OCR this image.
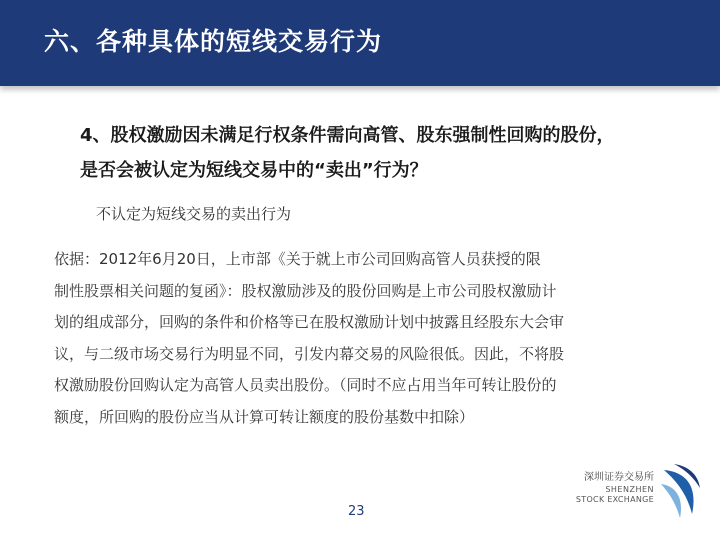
六、各种具体的短线交易行为
4、股权激励因未满足行权条件需向高管、股东强制性回购的股份，
是否会被认定为短线交易中的“卖出”行为？
不认定为短线交易的卖出行为
依据：2012年6月20日，上市部《关于就上市公司回购高管人员获授的限
制性股票相关问题的复函》：股权激励涉及的股份回购是上市公司股权激励计
划的组成部分，回购的条件和价格等已在股权激励计划中披露且经股东大会审
议，与二级市场交易行为明显不同，引发内幕交易的风险很低。因此，不将股
权激励股份回购认定为高管人员卖出股份。（同时不应占用当年可转让股份的
额度，所回购的股份应当从计算可转让额度的股份基数中扣除）
23
深圳证券交易所
SHENZHEN
STOCK EXCHANGE
